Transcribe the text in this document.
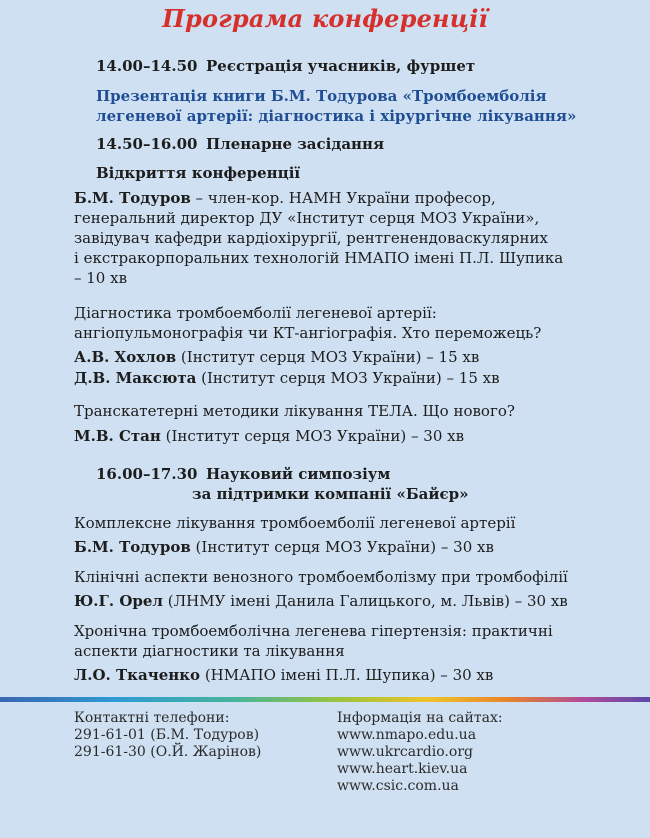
Програма конференції
14.00–14.50 Реєстрація учасників, фуршет
Презентація книги Б.М. Тодурова «Тромбоемболія
легеневої артерії: діагностика і хірургічне лікування»
14.50–16.00 Пленарне засідання
Відкриття конференції
Б.М. Тодуров – член-кор. НАМН України професор,
генеральний директор ДУ «Інститут серця МОЗ України»,
завідувач кафедри кардіохірургії, рентгенендоваскулярних
і екстракорпоральних технологій НМАПО імені П.Л. Шупика
– 10 хв
Діагностика тромбоемболії легеневої артерії:
ангіопульмонографія чи КТ-ангіографія. Хто переможець?
А.В. Хохлов (Інститут серця МОЗ України) – 15 хв
Д.В. Максюта (Інститут серця МОЗ України) – 15 хв
Транскатетерні методики лікування ТЕЛА. Що нового?
М.В. Стан (Інститут серця МОЗ України) – 30 хв
16.00–17.30 Науковий симпозіум
за підтримки компанії «Байєр»
Комплексне лікування тромбоемболії легеневої артерії
Б.М. Тодуров (Інститут серця МОЗ України) – 30 хв
Клінічні аспекти венозного тромбоемболізму при тромбофілії
Ю.Г. Орел (ЛНМУ імені Данила Галицького, м. Львів) – 30 хв
Хронічна тромбоемболічна легенева гіпертензія: практичні
аспекти діагностики та лікування
Л.О. Ткаченко (НМАПО імені П.Л. Шупика) – 30 хв
Контактні телефони:
291-61-01 (Б.М. Тодуров)
291-61-30 (О.Й. Жарінов)
Інформація на сайтах:
www.nmapo.edu.ua
www.ukrcardio.org
www.heart.kiev.ua
www.csic.com.ua
